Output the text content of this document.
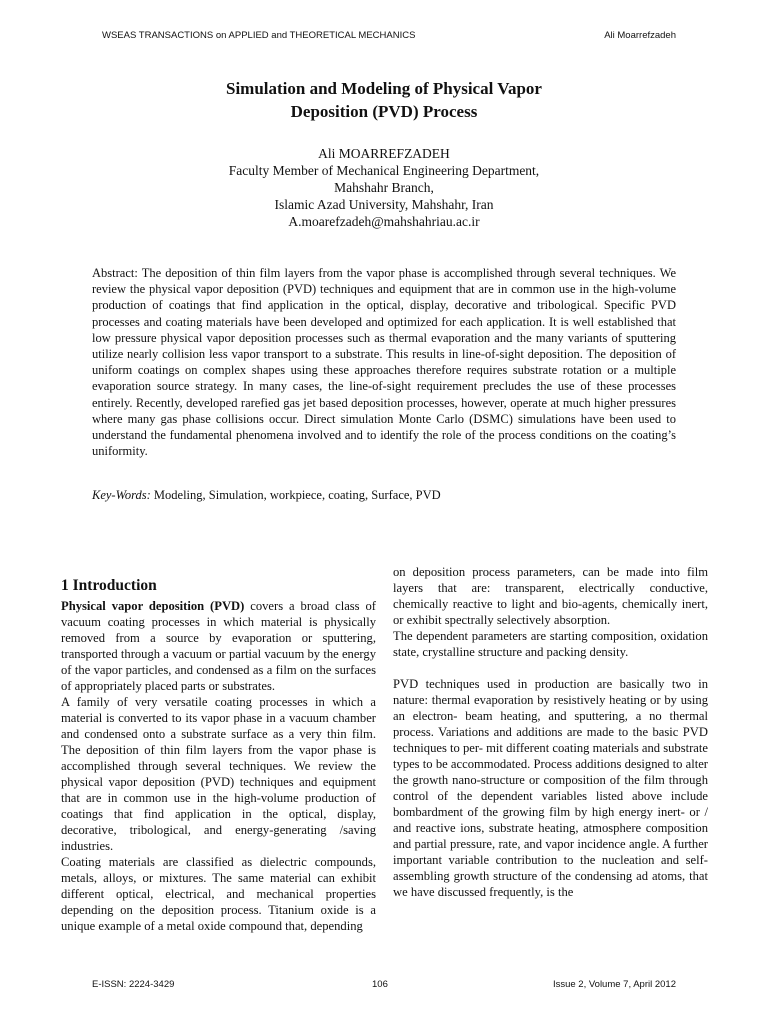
WSEAS TRANSACTIONS on APPLIED and THEORETICAL MECHANICS	Ali Moarrefzadeh
Simulation and Modeling of Physical Vapor
Deposition (PVD) Process
Ali MOARREFZADEH
Faculty Member of Mechanical Engineering Department,
Mahshahr Branch,
Islamic Azad University, Mahshahr, Iran
A.moarefzadeh@mahshahriau.ac.ir

Abstract: The deposition of thin film layers from the vapor phase is accomplished through several techniques. We review the physical vapor deposition (PVD) techniques and equipment that are in common use in the high-volume production of coatings that find application in the optical, display, decorative and tribological. Specific PVD processes and coating materials have been developed and optimized for each application. It is well established that low pressure physical vapor deposition processes such as thermal evaporation and the many variants of sputtering utilize nearly collision less vapor transport to a substrate. This results in line-of-sight deposition. The deposition of uniform coatings on complex shapes using these approaches therefore requires substrate rotation or a multiple evaporation source strategy. In many cases, the line-of-sight requirement precludes the use of these processes entirely. Recently, developed rarefied gas jet based deposition processes, however, operate at much higher pressures where many gas phase collisions occur. Direct simulation Monte Carlo (DSMC) simulations have been used to understand the fundamental phenomena involved and to identify the role of the process conditions on the coating’s uniformity.

Key-Words: Modeling, Simulation, workpiece, coating, Surface, PVD
1 Introduction

Physical vapor deposition (PVD) covers a broad class of vacuum coating processes in which material is physically removed from a source by evaporation or sputtering, transported through a vacuum or partial vacuum by the energy of the vapor particles, and condensed as a film on the surfaces of appropriately placed parts or substrates.

A family of very versatile coating processes in which a material is converted to its vapor phase in a vacuum chamber and condensed onto a substrate surface as a very thin film. The deposition of thin film layers from the vapor phase is accomplished through several techniques. We review the physical vapor deposition (PVD) techniques and equipment that are in common use in the high-volume production of coatings that find application in the optical, display, decorative, tribological, and energy-generating /saving industries.

Coating materials are classified as dielectric compounds, metals, alloys, or mixtures. The same material can exhibit different optical, electrical, and mechanical properties depending on the deposition process. Titanium oxide is a unique example of a metal oxide compound that, depending

on deposition process parameters, can be made into film layers that are: transparent, electrically conductive, chemically reactive to light and bio-agents, chemically inert, or exhibit spectrally selectively absorption.

The dependent parameters are starting composition, oxidation state, crystalline structure and packing density.

PVD techniques used in production are basically two in nature: thermal evaporation by resistively heating or by using an electron- beam heating, and sputtering, a no thermal process. Variations and additions are made to the basic PVD techniques to per- mit different coating materials and substrate types to be accommodated. Process additions designed to alter the growth nano-structure or composition of the film through control of the dependent variables listed above include bombardment of the growing film by high energy inert- or / and reactive ions, substrate heating, atmosphere composition and partial pressure, rate, and vapor incidence angle. A further important variable contribution to the nucleation and self-assembling growth structure of the condensing ad atoms, that we have discussed frequently, is the

E-ISSN: 2224-3429	106	Issue 2, Volume 7, April 2012
